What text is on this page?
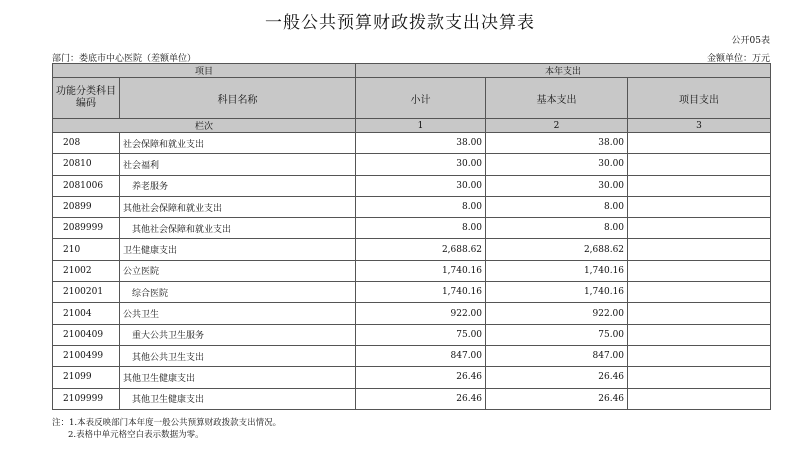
一般公共预算财政拨款支出决算表
公开05表
部门：娄底市中心医院（差额单位）	金额单位：万元
项目		本年支出		
功能分类科目编码	科目名称	小计	基本支出	项目支出
栏次		1	2	3
208	社会保障和就业支出	38.00	38.00	
20810	社会福利	30.00	30.00	
2081006	养老服务	30.00	30.00	
20899	其他社会保障和就业支出	8.00	8.00	
2089999	其他社会保障和就业支出	8.00	8.00	
210	卫生健康支出	2,688.62	2,688.62	
21002	公立医院	1,740.16	1,740.16	
2100201	综合医院	1,740.16	1,740.16	
21004	公共卫生	922.00	922.00	
2100409	重大公共卫生服务	75.00	75.00	
2100499	其他公共卫生支出	847.00	847.00	
21099	其他卫生健康支出	26.46	26.46	
2109999	其他卫生健康支出	26.46	26.46	
注：1.本表反映部门本年度一般公共预算财政拨款支出情况。
2.表格中单元格空白表示数据为零。
